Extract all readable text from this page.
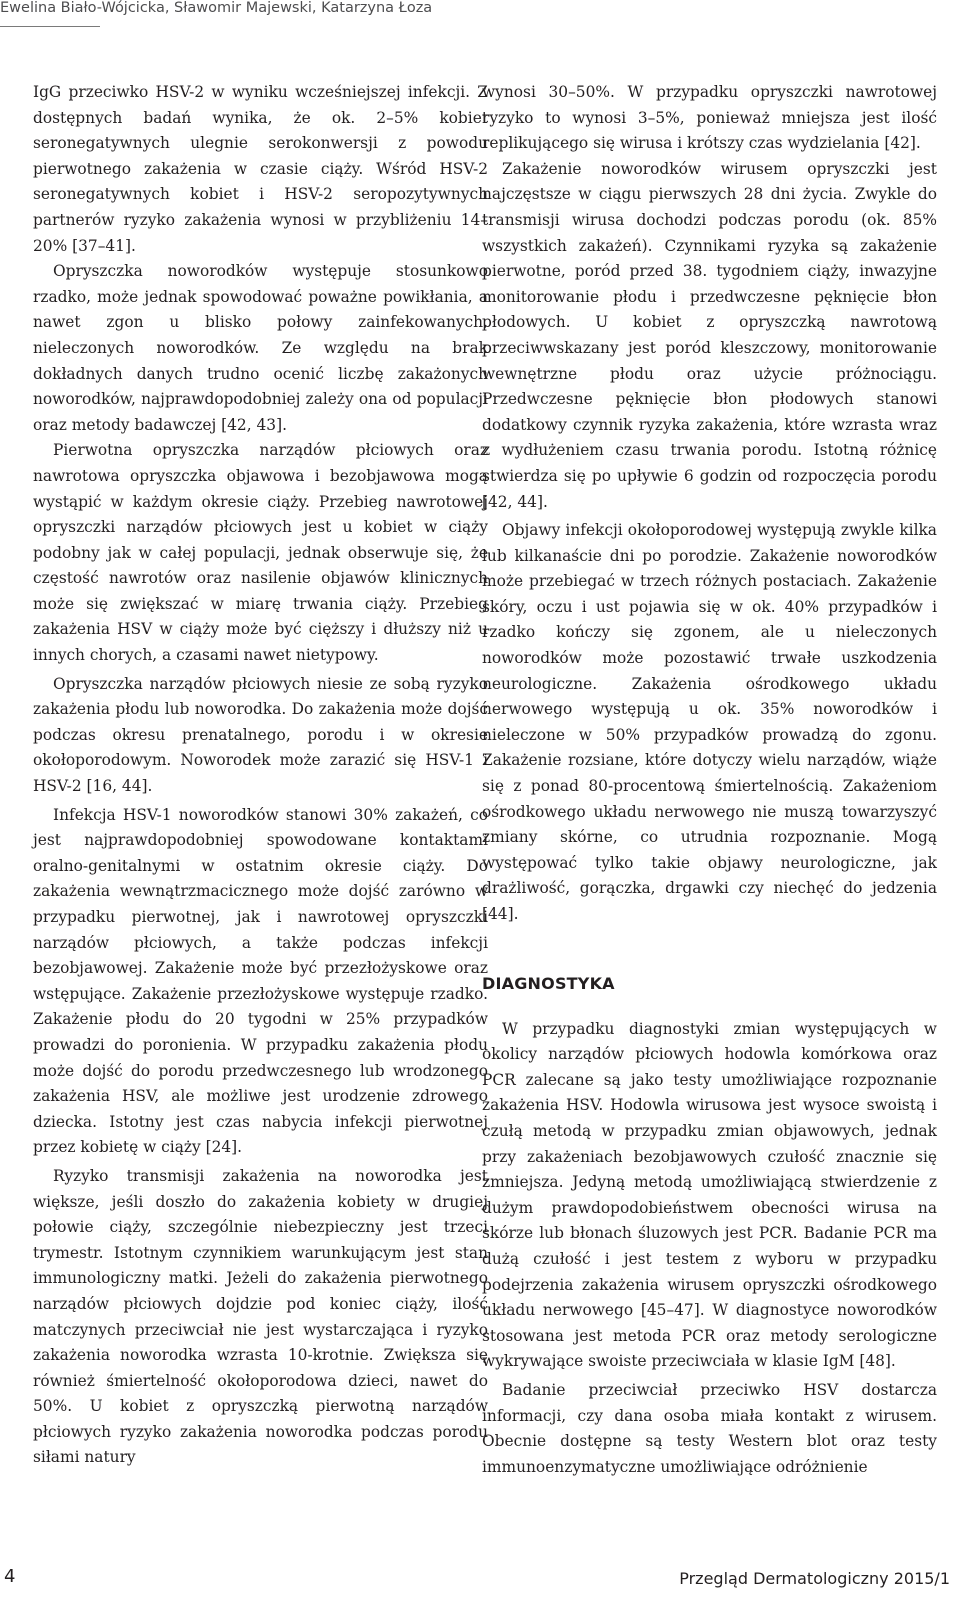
Ewelina Biało-Wójcicka, Sławomir Majewski, Katarzyna Łoza

IgG przeciwko HSV-2 w wyniku wcześniejszej infekcji. Z dostępnych badań wynika, że ok. 2–5% kobiet seronegatywnych ulegnie serokonwersji z powodu pierwotnego zakażenia w czasie ciąży. Wśród HSV-2 seronegatywnych kobiet i HSV-2 seropozytywnych partnerów ryzyko zakażenia wynosi w przybliżeniu 14–20% [37–41].

Opryszczka noworodków występuje stosunkowo rzadko, może jednak spowodować poważne powikłania, a nawet zgon u blisko połowy zainfekowanych, nieleczonych noworodków. Ze względu na brak dokładnych danych trudno ocenić liczbę zakażonych noworodków, najprawdopodobniej zależy ona od populacji oraz metody badawczej [42, 43].

Pierwotna opryszczka narządów płciowych oraz nawrotowa opryszczka objawowa i bezobjawowa mogą wystąpić w każdym okresie ciąży. Przebieg nawrotowej opryszczki narządów płciowych jest u kobiet w ciąży podobny jak w całej populacji, jednak obserwuje się, że częstość nawrotów oraz nasilenie objawów klinicznych może się zwiększać w miarę trwania ciąży. Przebieg zakażenia HSV w ciąży może być cięższy i dłuższy niż u innych chorych, a czasami nawet nietypowy.

Opryszczka narządów płciowych niesie ze sobą ryzyko zakażenia płodu lub noworodka. Do zakażenia może dojść podczas okresu prenatalnego, porodu i w okresie okołoporodowym. Noworodek może zarazić się HSV-1 i HSV-2 [16, 44].

Infekcja HSV-1 noworodków stanowi 30% zakażeń, co jest najprawdopodobniej spowodowane kontaktami oralno-genitalnymi w ostatnim okresie ciąży. Do zakażenia wewnątrzmacicznego może dojść zarówno w przypadku pierwotnej, jak i nawrotowej opryszczki narządów płciowych, a także podczas infekcji bezobjawowej. Zakażenie może być przezłożyskowe oraz wstępujące. Zakażenie przezłożyskowe występuje rzadko. Zakażenie płodu do 20 tygodni w 25% przypadków prowadzi do poronienia. W przypadku zakażenia płodu może dojść do porodu przedwczesnego lub wrodzonego zakażenia HSV, ale możliwe jest urodzenie zdrowego dziecka. Istotny jest czas nabycia infekcji pierwotnej przez kobietę w ciąży [24].

Ryzyko transmisji zakażenia na noworodka jest większe, jeśli doszło do zakażenia kobiety w drugiej połowie ciąży, szczególnie niebezpieczny jest trzeci trymestr. Istotnym czynnikiem warunkującym jest stan immunologiczny matki. Jeżeli do zakażenia pierwotnego narządów płciowych dojdzie pod koniec ciąży, ilość matczynych przeciwciał nie jest wystarczająca i ryzyko zakażenia noworodka wzrasta 10-krotnie. Zwiększa się również śmiertelność okołoporodowa dzieci, nawet do 50%. U kobiet z opryszczką pierwotną narządów płciowych ryzyko zakażenia noworodka podczas porodu siłami natury

wynosi 30–50%. W przypadku opryszczki nawrotowej ryzyko to wynosi 3–5%, ponieważ mniejsza jest ilość replikującego się wirusa i krótszy czas wydzielania [42].

Zakażenie noworodków wirusem opryszczki jest najczęstsze w ciągu pierwszych 28 dni życia. Zwykle do transmisji wirusa dochodzi podczas porodu (ok. 85% wszystkich zakażeń). Czynnikami ryzyka są zakażenie pierwotne, poród przed 38. tygodniem ciąży, inwazyjne monitorowanie płodu i przedwczesne pęknięcie błon płodowych. U kobiet z opryszczką nawrotową przeciwwskazany jest poród kleszczowy, monitorowanie wewnętrzne płodu oraz użycie próżnociągu. Przedwczesne pęknięcie błon płodowych stanowi dodatkowy czynnik ryzyka zakażenia, które wzrasta wraz z wydłużeniem czasu trwania porodu. Istotną różnicę stwierdza się po upływie 6 godzin od rozpoczęcia porodu [42, 44].

Objawy infekcji okołoporodowej występują zwykle kilka lub kilkanaście dni po porodzie. Zakażenie noworodków może przebiegać w trzech różnych postaciach. Zakażenie skóry, oczu i ust pojawia się w ok. 40% przypadków i rzadko kończy się zgonem, ale u nieleczonych noworodków może pozostawić trwałe uszkodzenia neurologiczne. Zakażenia ośrodkowego układu nerwowego występują u ok. 35% noworodków i nieleczone w 50% przypadków prowadzą do zgonu. Zakażenie rozsiane, które dotyczy wielu narządów, wiąże się z ponad 80-procentową śmiertelnością. Zakażeniom ośrodkowego układu nerwowego nie muszą towarzyszyć zmiany skórne, co utrudnia rozpoznanie. Mogą występować tylko takie objawy neurologiczne, jak drażliwość, gorączka, drgawki czy niechęć do jedzenia [44].

DIAGNOSTYKA

W przypadku diagnostyki zmian występujących w okolicy narządów płciowych hodowla komórkowa oraz PCR zalecane są jako testy umożliwiające rozpoznanie zakażenia HSV. Hodowla wirusowa jest wysoce swoistą i czułą metodą w przypadku zmian objawowych, jednak przy zakażeniach bezobjawowych czułość znacznie się zmniejsza. Jedyną metodą umożliwiającą stwierdzenie z dużym prawdopodobieństwem obecności wirusa na skórze lub błonach śluzowych jest PCR. Badanie PCR ma dużą czułość i jest testem z wyboru w przypadku podejrzenia zakażenia wirusem opryszczki ośrodkowego układu nerwowego [45–47]. W diagnostyce noworodków stosowana jest metoda PCR oraz metody serologiczne wykrywające swoiste przeciwciała w klasie IgM [48].

Badanie przeciwciał przeciwko HSV dostarcza informacji, czy dana osoba miała kontakt z wirusem. Obecnie dostępne są testy Western blot oraz testy immunoenzymatyczne umożliwiające odróżnienie

4	Przegląd Dermatologiczny 2015/1
